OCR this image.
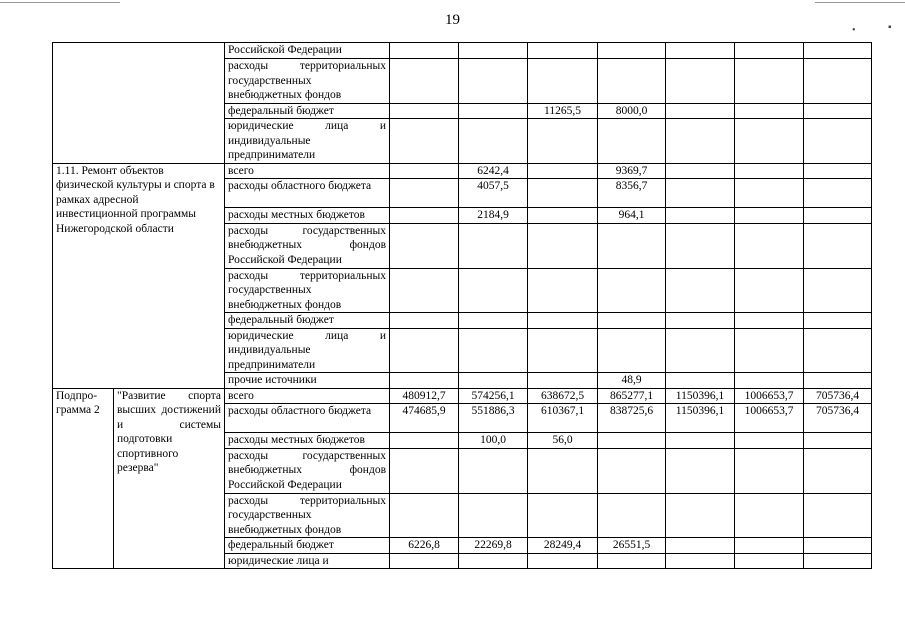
19
•	▪
		Российской Федерации							
		расходы территориальных государственных внебюджетных фондов							
		федеральный бюджет			11265,5	8000,0			
		юридические лица и индивидуальные предприниматели							
1.11. Ремонт объектов физической культуры и спорта в рамках адресной инвестиционной программы Нижегородской области		всего		6242,4		9369,7			
		расходы областного бюджета		4057,5		8356,7			
		расходы местных бюджетов		2184,9		964,1			
		расходы государственных внебюджетных фондов Российской Федерации							
		расходы территориальных государственных внебюджетных фондов							
		федеральный бюджет							
		юридические лица и индивидуальные предприниматели							
		прочие источники				48,9			
Подпро- грамма 2	"Развитие спорта высших достижений и системы подготовки спортивного резерва"	всего	480912,7	574256,1	638672,5	865277,1	1150396,1	1006653,7	705736,4
		расходы областного бюджета	474685,9	551886,3	610367,1	838725,6	1150396,1	1006653,7	705736,4
		расходы местных бюджетов		100,0	56,0				
		расходы государственных внебюджетных фондов Российской Федерации							
		расходы территориальных государственных внебюджетных фондов							
		федеральный бюджет	6226,8	22269,8	28249,4	26551,5			
		юридические лица и							
